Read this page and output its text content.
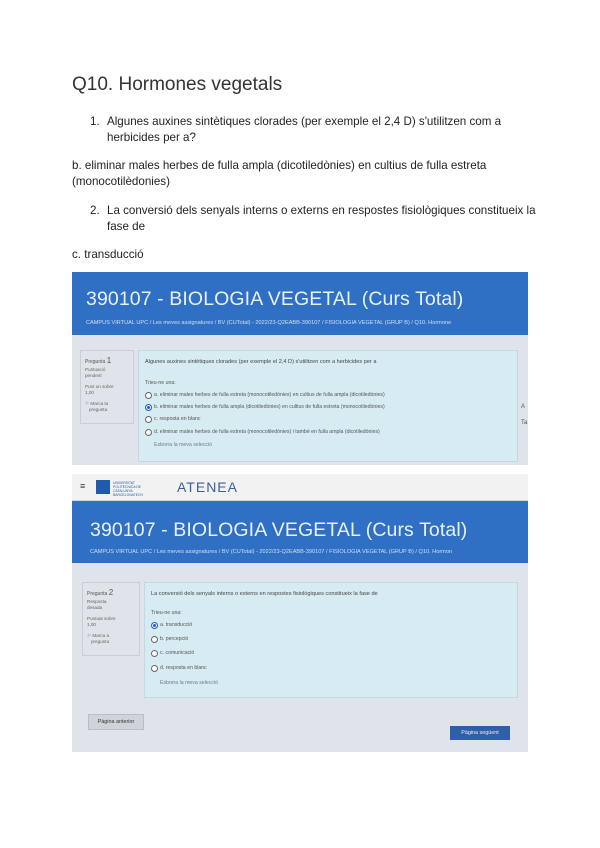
Q10. Hormones vegetals
1. Algunes auxines sintètiques clorades (per exemple el 2,4 D) s'utilitzen com a
herbicides per a?
b. eliminar males herbes de fulla ampla (dicotiledònies) en cultius de fulla estreta
(monocotilèdonies)
2. La conversió dels senyals interns o externs en respostes fisiològiques constitueix la
fase de
c. transducció
390107 - BIOLOGIA VEGETAL (Curs Total)
CAMPUS VIRTUAL UPC / Les meves assignatures / BV (CUTotal) - 2022/23-Q2EABB-390107 / FISIOLOGIA VEGETAL (GRUP B) / Q10. Hormone
Pregunta 1
Puntuació
pendent
Punt un sobre
1,00
⚐ Marca la
pregunta
Algunes auxines sintètiques clorades (per exemple el 2,4 D) s'utilitzen com a herbicides per a
Trieu-ne una:
a. eliminar males herbes de fulla estreta (monocotiledònies) en cultius de fulla ampla (dicotiledònies)
b. eliminar males herbes de fulla ampla (dicotiledònies) en cultius de fulla estreta (monocotiledònies)
c. resposta en blanc
d. eliminar males herbes de fulla estreta (monocotiledònies) i també en fulla ampla (dicotiledònies)
Esborra la meva selecció
A
Ta
≡	UNIVERSITAT POLITÈCNICA DE CATALUNYA BARCELONATECH	ATENEA
390107 - BIOLOGIA VEGETAL (Curs Total)
CAMPUS VIRTUAL UPC / Les meves assignatures / BV (CUTotal) - 2022/23-Q2EABB-390107 / FISIOLOGIA VEGETAL (GRUP B) / Q10. Hormon
Pregunta 2
Resposta
desada
Puntuat sobre
1,00
⚐ Marca a
pregunta
La conversió dels senyals interns o externs en respostes fisiològiques constitueix la fase de
Trieu-ne una:
a. transducció
b. percepció
c. comunicació
d. resposta en blanc
Esborra la meva selecció
Pàgina anterior
Pàgina següent
